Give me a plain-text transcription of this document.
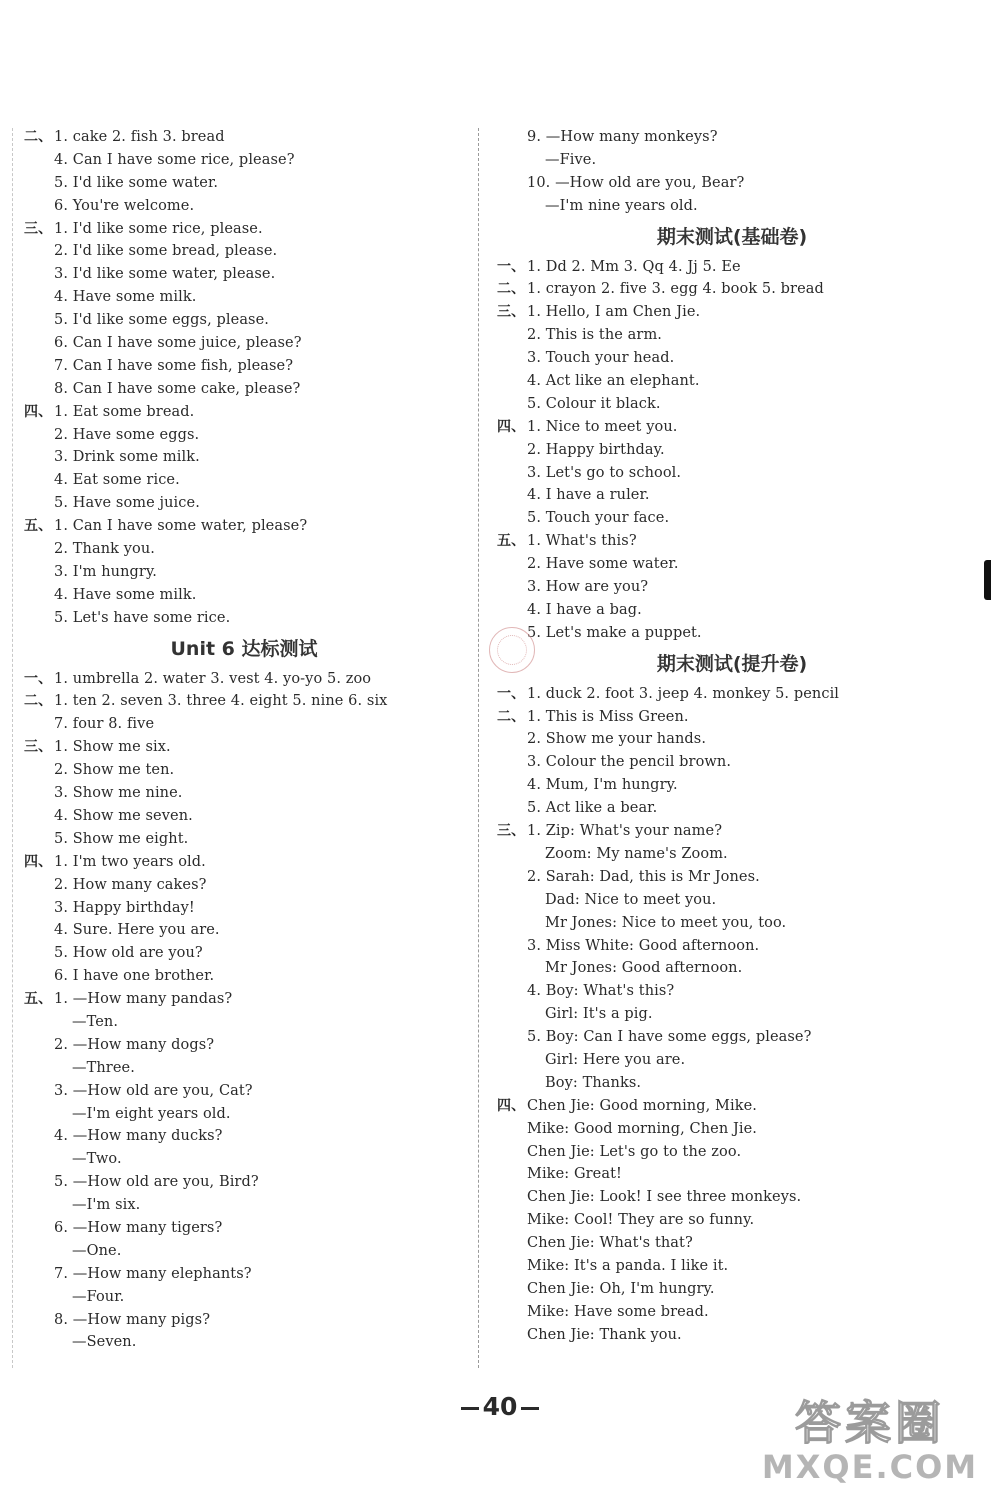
二、 1. cake 2. fish 3. bread
4. Can I have some rice, please?
5. I'd like some water.
6. You're welcome.
三、 1. I'd like some rice, please.
2. I'd like some bread, please.
3. I'd like some water, please.
4. Have some milk.
5. I'd like some eggs, please.
6. Can I have some juice, please?
7. Can I have some fish, please?
8. Can I have some cake, please?
四、 1. Eat some bread.
2. Have some eggs.
3. Drink some milk.
4. Eat some rice.
5. Have some juice.
五、 1. Can I have some water, please?
2. Thank you.
3. I'm hungry.
4. Have some milk.
5. Let's have some rice.
Unit 6 达标测试
一、 1. umbrella 2. water 3. vest 4. yo-yo 5. zoo
二、 1. ten 2. seven 3. three 4. eight 5. nine 6. six
7. four 8. five
三、 1. Show me six.
2. Show me ten.
3. Show me nine.
4. Show me seven.
5. Show me eight.
四、 1. I'm two years old.
2. How many cakes?
3. Happy birthday!
4. Sure. Here you are.
5. How old are you?
6. I have one brother.
五、 1. —How many pandas?
—Ten.
2. —How many dogs?
—Three.
3. —How old are you, Cat?
—I'm eight years old.
4. —How many ducks?
—Two.
5. —How old are you, Bird?
—I'm six.
6. —How many tigers?
—One.
7. —How many elephants?
—Four.
8. —How many pigs?
—Seven.
9. —How many monkeys?
—Five.
10. —How old are you, Bear?
—I'm nine years old.
期末测试(基础卷)
一、 1. Dd 2. Mm 3. Qq 4. Jj 5. Ee
二、 1. crayon 2. five 3. egg 4. book 5. bread
三、 1. Hello, I am Chen Jie.
2. This is the arm.
3. Touch your head.
4. Act like an elephant.
5. Colour it black.
四、 1. Nice to meet you.
2. Happy birthday.
3. Let's go to school.
4. I have a ruler.
5. Touch your face.
五、 1. What's this?
2. Have some water.
3. How are you?
4. I have a bag.
5. Let's make a puppet.
期末测试(提升卷)
一、 1. duck 2. foot 3. jeep 4. monkey 5. pencil
二、 1. This is Miss Green.
2. Show me your hands.
3. Colour the pencil brown.
4. Mum, I'm hungry.
5. Act like a bear.
三、 1. Zip: What's your name?
Zoom: My name's Zoom.
2. Sarah: Dad, this is Mr Jones.
Dad: Nice to meet you.
Mr Jones: Nice to meet you, too.
3. Miss White: Good afternoon.
Mr Jones: Good afternoon.
4. Boy: What's this?
Girl: It's a pig.
5. Boy: Can I have some eggs, please?
Girl: Here you are.
Boy: Thanks.
四、 Chen Jie: Good morning, Mike.
Mike: Good morning, Chen Jie.
Chen Jie: Let's go to the zoo.
Mike: Great!
Chen Jie: Look! I see three monkeys.
Mike: Cool! They are so funny.
Chen Jie: What's that?
Mike: It's a panda. I like it.
Chen Jie: Oh, I'm hungry.
Mike: Have some bread.
Chen Jie: Thank you.
40	答案圈
MXQE.COM
